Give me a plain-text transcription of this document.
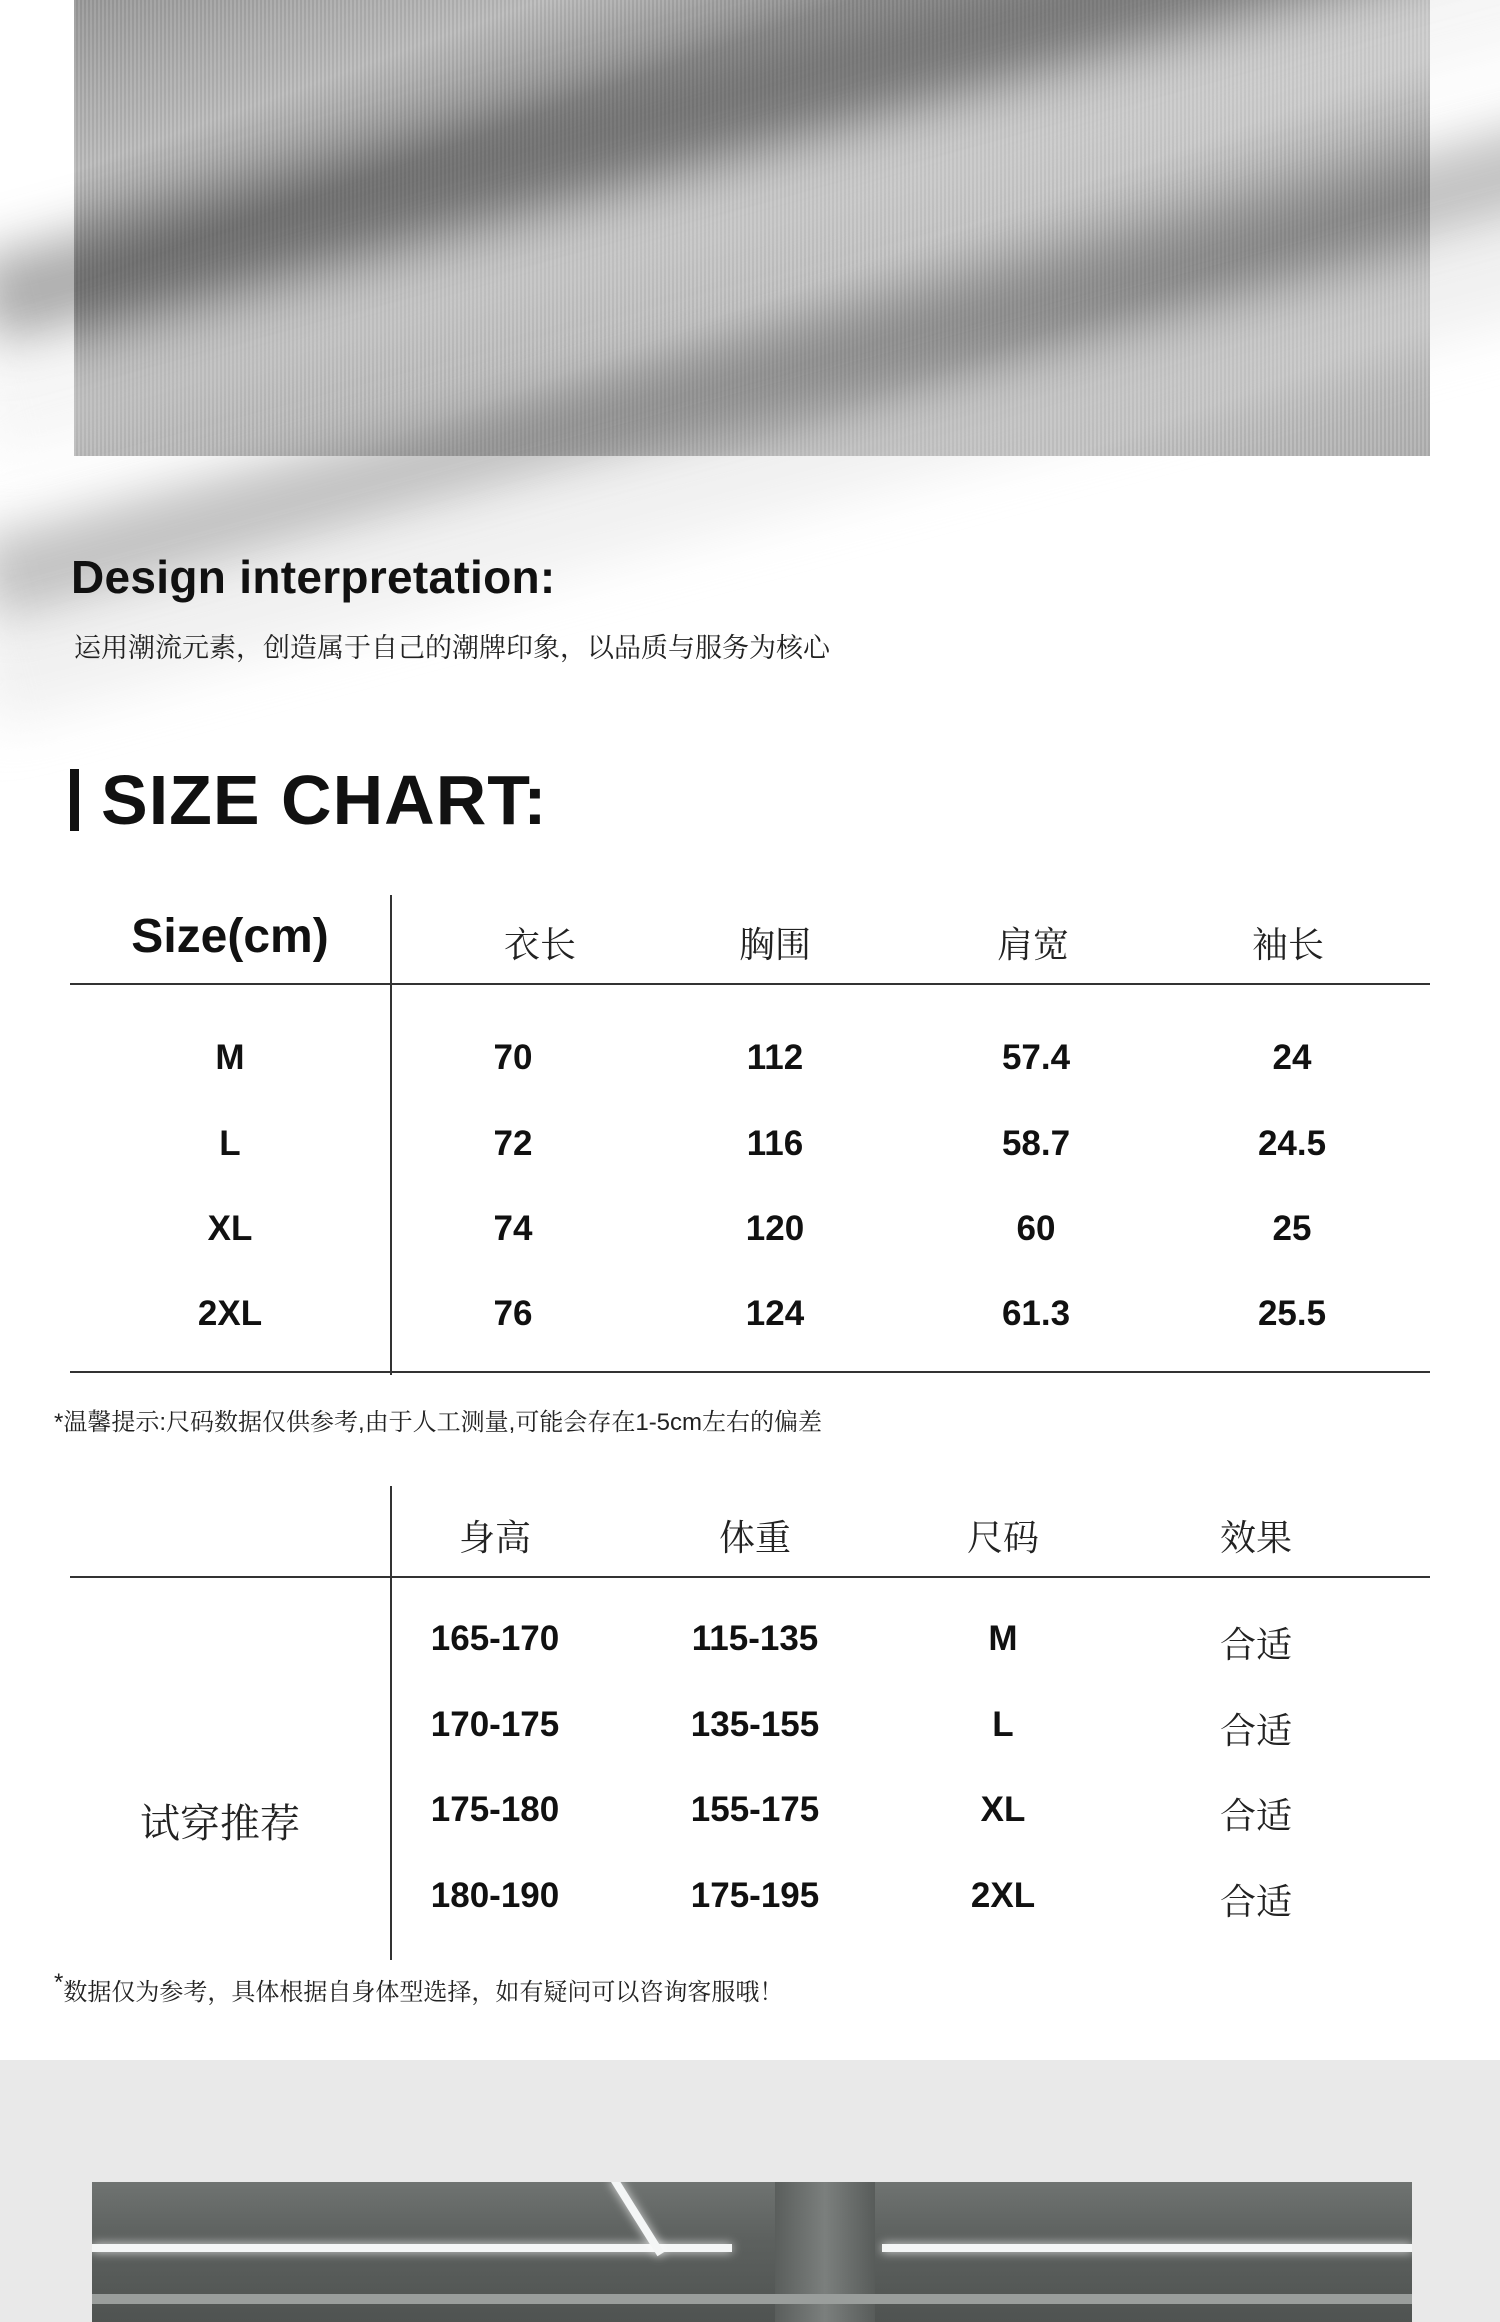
Design interpretation:
运用潮流元素，创造属于自己的潮牌印象，以品质与服务为核心
SIZE CHART:
Size(cm)	衣长	胸围	肩宽	袖长
M	70	112	57.4	24
L	72	116	58.7	24.5
XL	74	120	60	25
2XL	76	124	61.3	25.5
*温馨提示:尺码数据仅供参考,由于人工测量,可能会存在1-5cm左右的偏差
身高	体重	尺码	效果
试穿推荐
165-170	115-135	M	合适
170-175	135-155	L	合适
175-180	155-175	XL	合适
180-190	175-195	2XL	合适
*数据仅为参考，具体根据自身体型选择，如有疑问可以咨询客服哦！
